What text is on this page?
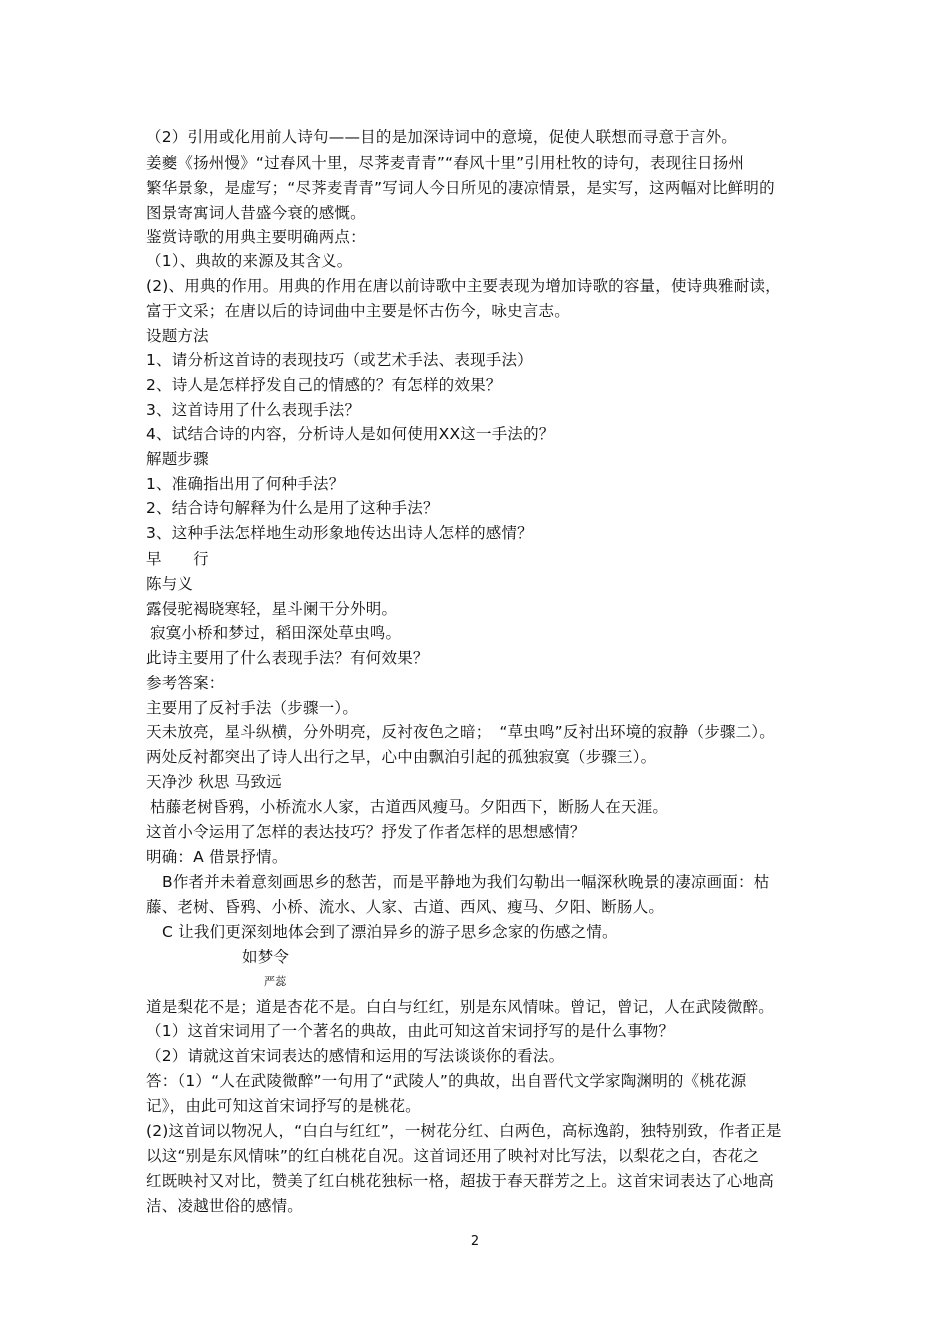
（2）引用或化用前人诗句——目的是加深诗词中的意境，促使人联想而寻意于言外。
姜夔《扬州慢》“过春风十里，尽荠麦青青”“春风十里”引用杜牧的诗句，表现往日扬州
繁华景象，是虚写；“尽荠麦青青”写词人今日所见的凄凉情景，是实写，这两幅对比鲜明的
图景寄寓词人昔盛今衰的感慨。
鉴赏诗歌的用典主要明确两点：
（1）、典故的来源及其含义。
(2)、用典的作用。用典的作用在唐以前诗歌中主要表现为增加诗歌的容量，使诗典雅耐读，
富于文采；在唐以后的诗词曲中主要是怀古伤今，咏史言志。
设题方法
1、请分析这首诗的表现技巧（或艺术手法、表现手法）
2、诗人是怎样抒发自己的情感的？有怎样的效果？
3、这首诗用了什么表现手法？
4、试结合诗的内容，分析诗人是如何使用XX这一手法的？
解题步骤
1、准确指出用了何种手法？
2、结合诗句解释为什么是用了这种手法？
3、这种手法怎样地生动形象地传达出诗人怎样的感情？
早　　行
陈与义
露侵驼褐晓寒轻，星斗阑干分外明。
寂寞小桥和梦过，稻田深处草虫鸣。
此诗主要用了什么表现手法？有何效果？
参考答案：
主要用了反衬手法（步骤一）。
天未放亮，星斗纵横，分外明亮，反衬夜色之暗；　“草虫鸣”反衬出环境的寂静（步骤二）。
两处反衬都突出了诗人出行之早，心中由飘泊引起的孤独寂寞（步骤三）。
天净沙 秋思 马致远
枯藤老树昏鸦，小桥流水人家，古道西风瘦马。夕阳西下，断肠人在天涯。
这首小令运用了怎样的表达技巧？抒发了作者怎样的思想感情？
明确：A 借景抒情。
B作者并未着意刻画思乡的愁苦，而是平静地为我们勾勒出一幅深秋晚景的凄凉画面：枯
藤、老树、昏鸦、小桥、流水、人家、古道、西风、瘦马、夕阳、断肠人。
C 让我们更深刻地体会到了漂泊异乡的游子思乡念家的伤感之情。
如梦令
严蕊
道是梨花不是；道是杏花不是。白白与红红，别是东风情味。曾记，曾记，人在武陵微醉。
（1）这首宋词用了一个著名的典故，由此可知这首宋词抒写的是什么事物？
（2）请就这首宋词表达的感情和运用的写法谈谈你的看法。
答：（1）“人在武陵微醉”一句用了“武陵人”的典故，出自晋代文学家陶渊明的《桃花源
记》，由此可知这首宋词抒写的是桃花。
(2)这首词以物况人，“白白与红红”，一树花分红、白两色，高标逸韵，独特别致，作者正是
以这“别是东风情味”的红白桃花自况。这首词还用了映衬对比写法，以梨花之白，杏花之
红既映衬又对比，赞美了红白桃花独标一格，超拔于春天群芳之上。这首宋词表达了心地高
洁、凌越世俗的感情。
2
